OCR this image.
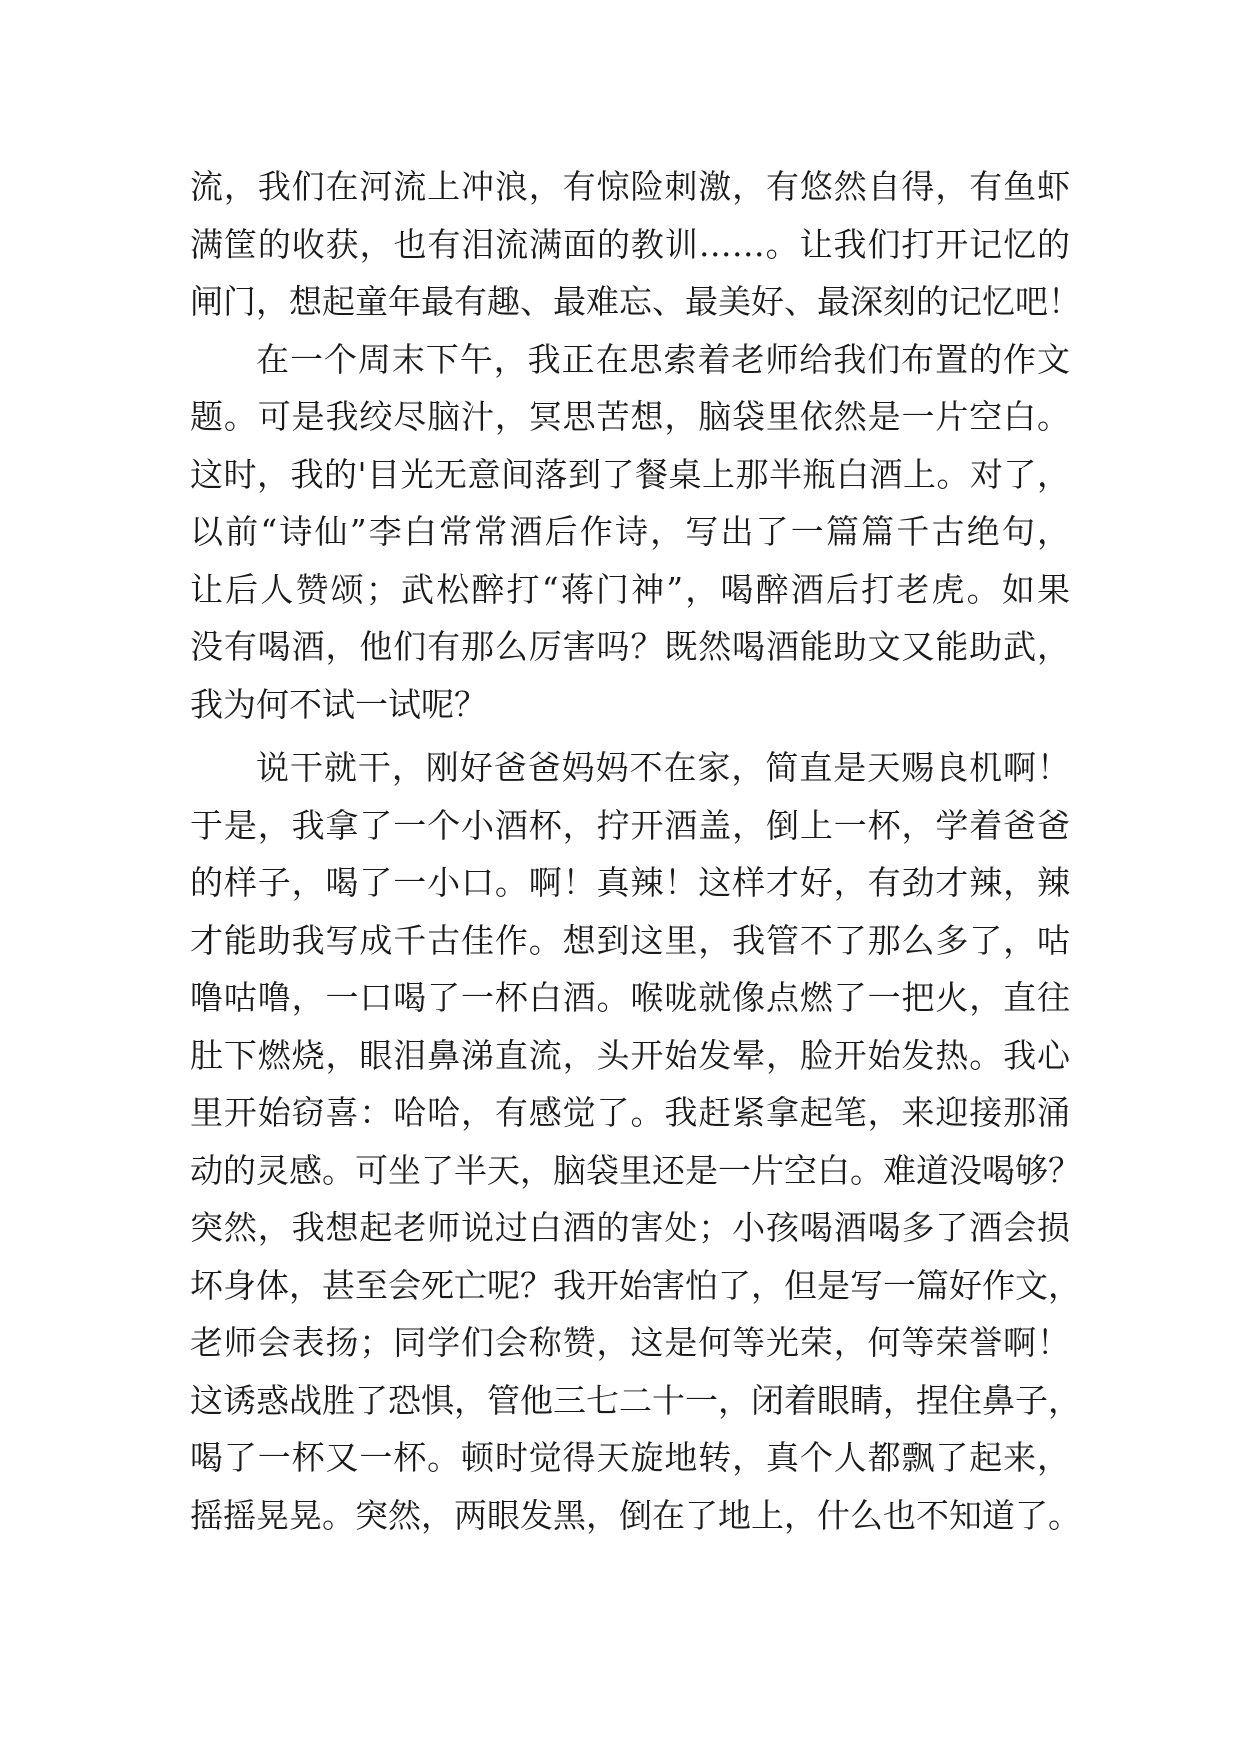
流，我们在河流上冲浪，有惊险刺激，有悠然自得，有鱼虾
满筐的收获，也有泪流满面的教训……。让我们打开记忆的
闸门，想起童年最有趣、最难忘、最美好、最深刻的记忆吧！
在一个周末下午，我正在思索着老师给我们布置的作文
题。可是我绞尽脑汁，冥思苦想，脑袋里依然是一片空白。
这时，我的'目光无意间落到了餐桌上那半瓶白酒上。对了，
以前“诗仙”李白常常酒后作诗，写出了一篇篇千古绝句，
让后人赞颂；武松醉打“蒋门神”，喝醉酒后打老虎。如果
没有喝酒，他们有那么厉害吗？既然喝酒能助文又能助武，
我为何不试一试呢？
说干就干，刚好爸爸妈妈不在家，简直是天赐良机啊！
于是，我拿了一个小酒杯，拧开酒盖，倒上一杯，学着爸爸
的样子，喝了一小口。啊！真辣！这样才好，有劲才辣，辣
才能助我写成千古佳作。想到这里，我管不了那么多了，咕
噜咕噜，一口喝了一杯白酒。喉咙就像点燃了一把火，直往
肚下燃烧，眼泪鼻涕直流，头开始发晕，脸开始发热。我心
里开始窃喜：哈哈，有感觉了。我赶紧拿起笔，来迎接那涌
动的灵感。可坐了半天，脑袋里还是一片空白。难道没喝够？
突然，我想起老师说过白酒的害处；小孩喝酒喝多了酒会损
坏身体，甚至会死亡呢？我开始害怕了，但是写一篇好作文，
老师会表扬；同学们会称赞，这是何等光荣，何等荣誉啊！
这诱惑战胜了恐惧，管他三七二十一，闭着眼睛，捏住鼻子，
喝了一杯又一杯。顿时觉得天旋地转，真个人都飘了起来，
摇摇晃晃。突然，两眼发黑，倒在了地上，什么也不知道了。
